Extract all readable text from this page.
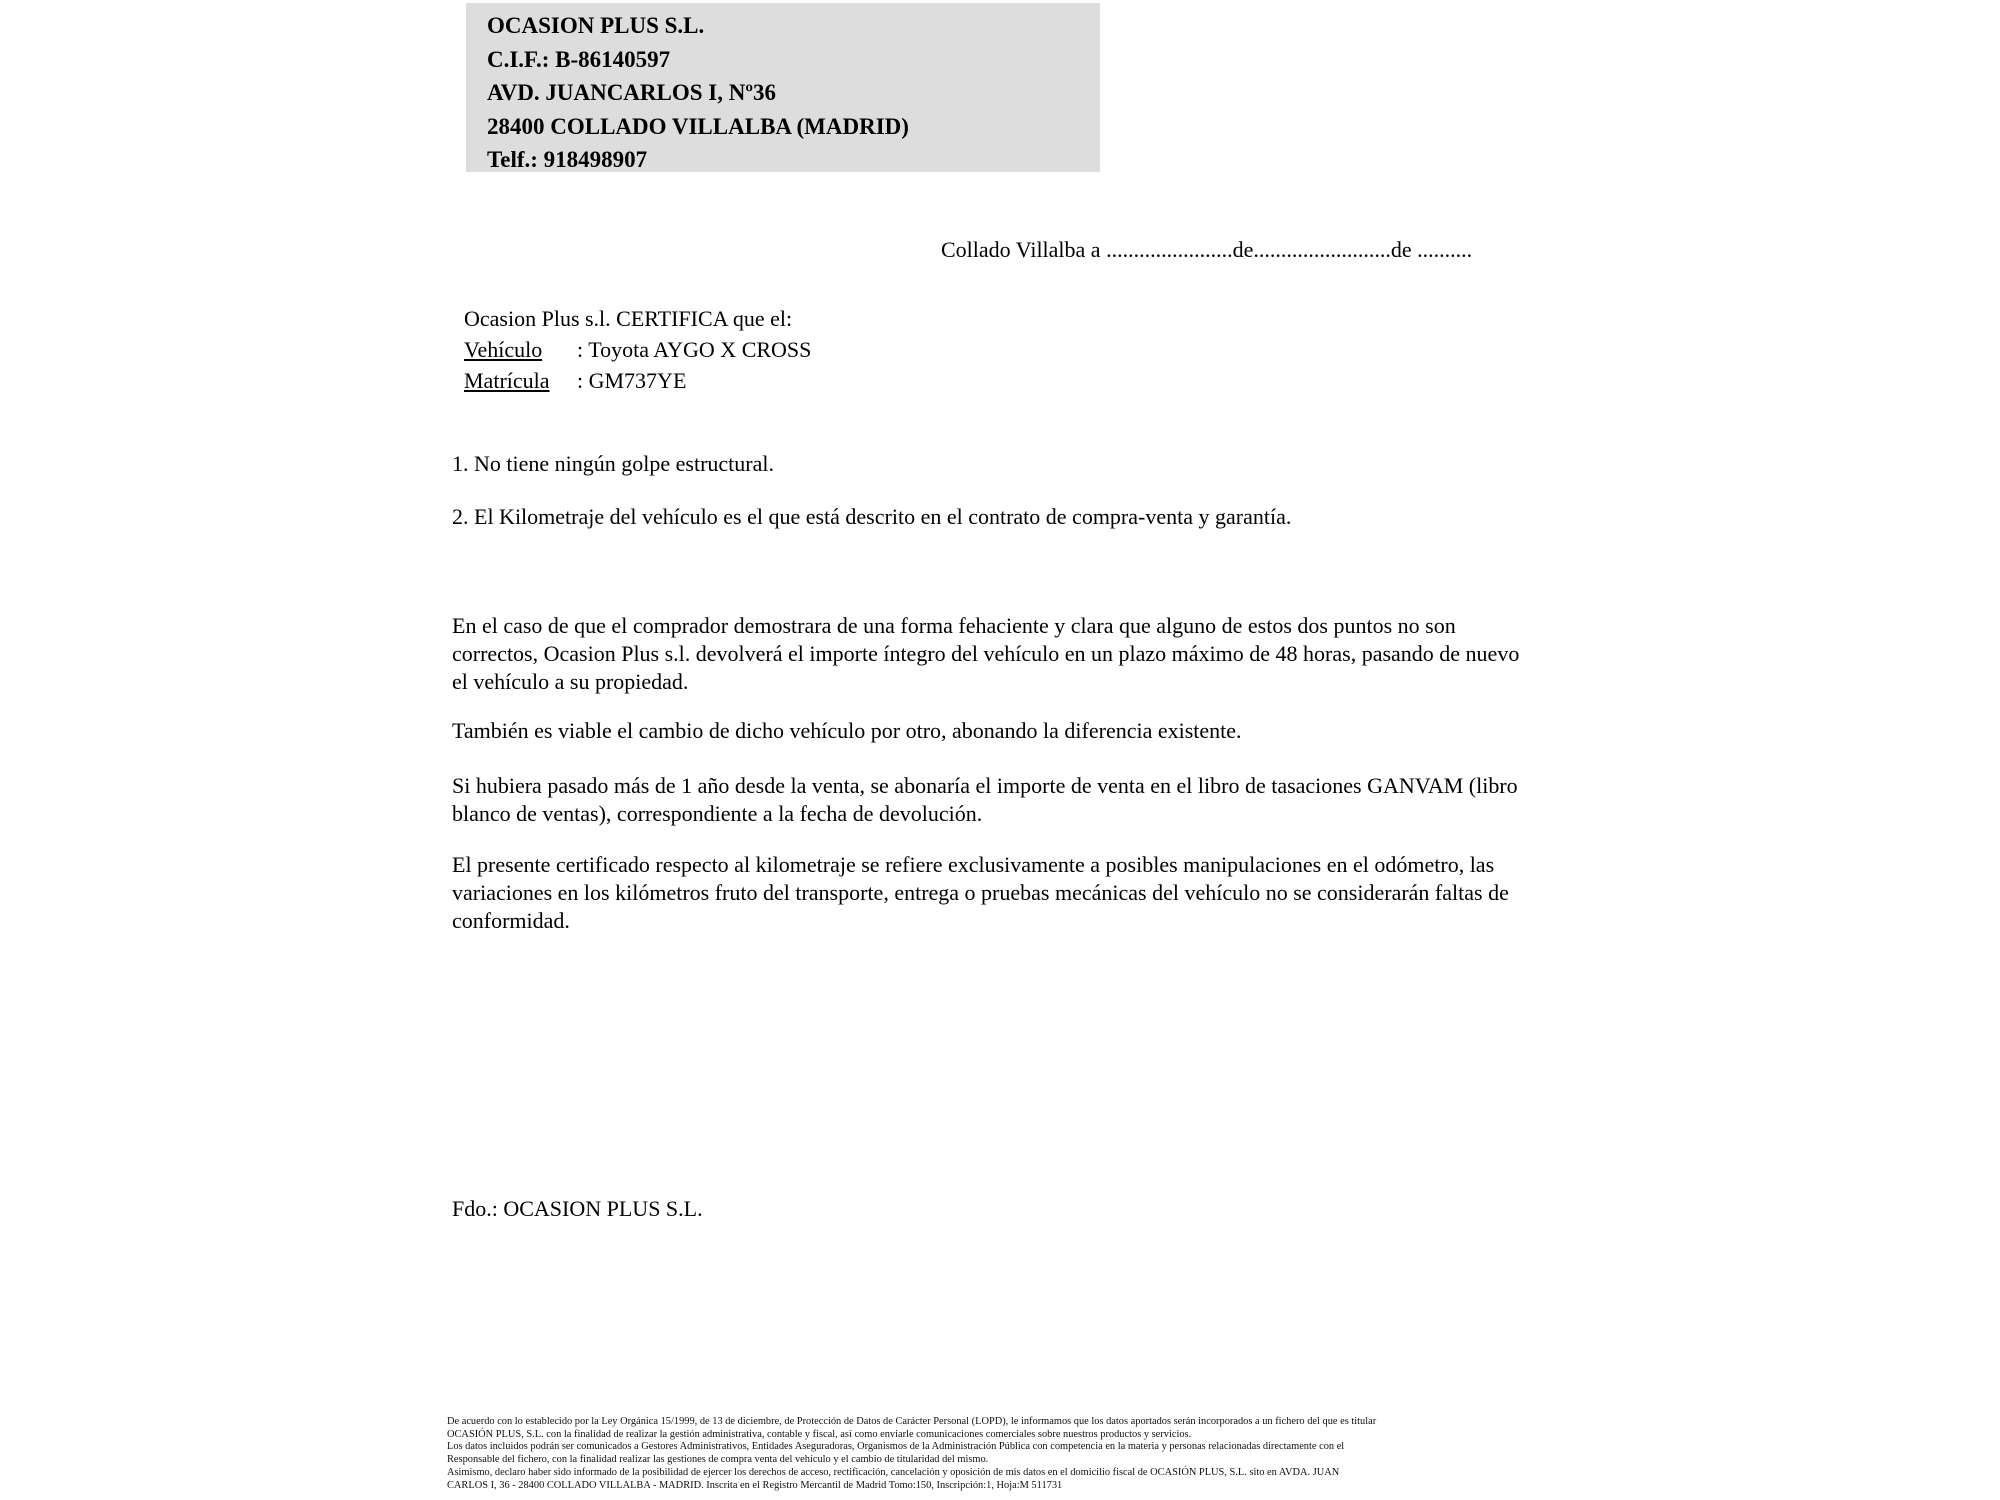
OCASION PLUS S.L.
C.I.F.: B-86140597
AVD. JUANCARLOS I, Nº36
28400 COLLADO VILLALBA (MADRID)
Telf.: 918498907
Collado Villalba a .......................de.........................de ..........
Ocasion Plus s.l. CERTIFICA que el:
Vehículo : Toyota AYGO X CROSS
Matrícula : GM737YE

1. No tiene ningún golpe estructural.

2. El Kilometraje del vehículo es el que está descrito en el contrato de compra-venta y garantía.

En el caso de que el comprador demostrara de una forma fehaciente y clara que alguno de estos dos puntos no son correctos, Ocasion Plus s.l. devolverá el importe íntegro del vehículo en un plazo máximo de 48 horas, pasando de nuevo el vehículo a su propiedad.

También es viable el cambio de dicho vehículo por otro, abonando la diferencia existente.

Si hubiera pasado más de 1 año desde la venta, se abonaría el importe de venta en el libro de tasaciones GANVAM (libro blanco de ventas), correspondiente a la fecha de devolución.

El presente certificado respecto al kilometraje se refiere exclusivamente a posibles manipulaciones en el odómetro, las variaciones en los kilómetros fruto del transporte, entrega o pruebas mecánicas del vehículo no se considerarán faltas de conformidad.

Fdo.: OCASION PLUS S.L.
De acuerdo con lo establecido por la Ley Orgánica 15/1999, de 13 de diciembre, de Protección de Datos de Carácter Personal (LOPD), le informamos que los datos aportados serán incorporados a un fichero del que es titular
OCASIÓN PLUS, S.L. con la finalidad de realizar la gestión administrativa, contable y fiscal, así como enviarle comunicaciones comerciales sobre nuestros productos y servicios.
Los datos incluidos podrán ser comunicados a Gestores Administrativos, Entidades Aseguradoras, Organismos de la Administración Pública con competencia en la materia y personas relacionadas directamente con el
Responsable del fichero, con la finalidad realizar las gestiones de compra venta del vehículo y el cambio de titularidad del mismo.
Asimismo, declaro haber sido informado de la posibilidad de ejercer los derechos de acceso, rectificación, cancelación y oposición de mis datos en el domicilio fiscal de OCASIÓN PLUS, S.L. sito en AVDA. JUAN
CARLOS I, 36 - 28400 COLLADO VILLALBA - MADRID. Inscrita en el Registro Mercantil de Madrid Tomo:150, Inscripción:1, Hoja:M 511731
